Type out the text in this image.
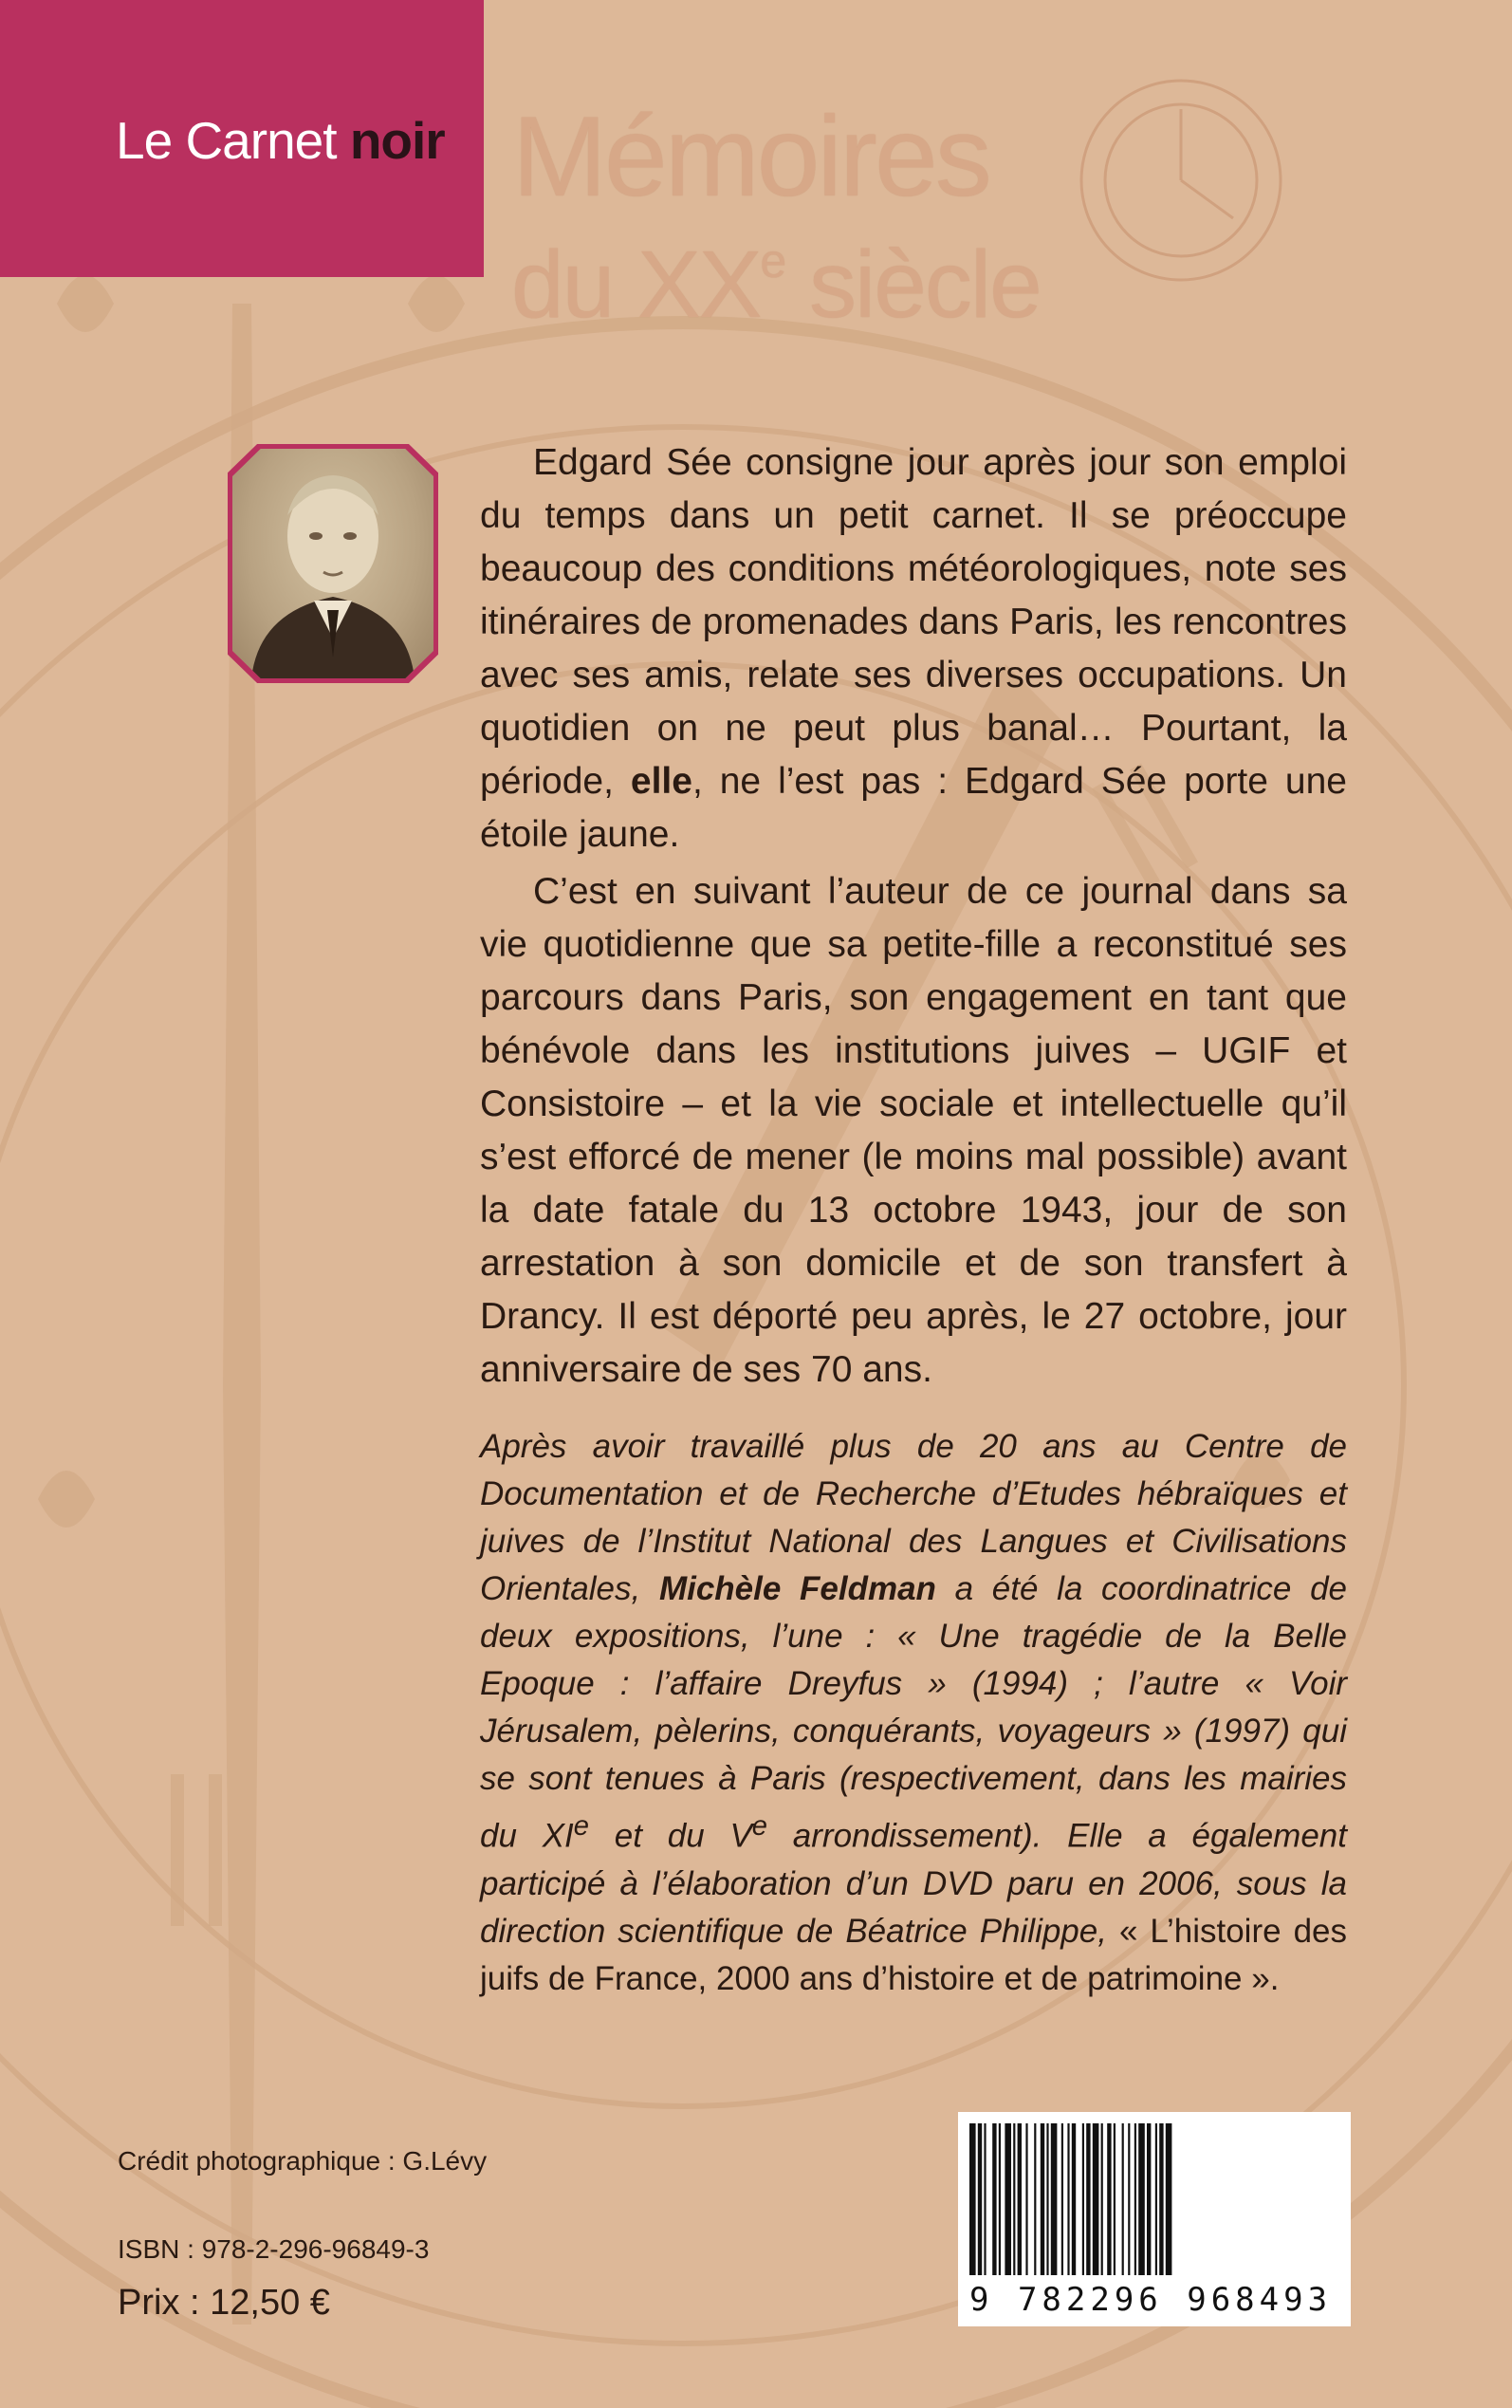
Le Carnet noir Mémoires
du XXe siècle
Edgard Sée consigne jour après jour son emploi du temps dans un petit carnet. Il se préoccupe beaucoup des conditions météorologiques, note ses itinéraires de promenades dans Paris, les rencontres avec ses amis, relate ses diverses occupations. Un quotidien on ne peut plus banal… Pourtant, la période, elle, ne l’est pas : Edgard Sée porte une étoile jaune.
C’est en suivant l’auteur de ce journal dans sa vie quotidienne que sa petite-fille a reconstitué ses parcours dans Paris, son engagement en tant que bénévole dans les institutions juives – UGIF et Consistoire – et la vie sociale et intellectuelle qu’il s’est efforcé de mener (le moins mal possible) avant la date fatale du 13 octobre 1943, jour de son arrestation à son domicile et de son transfert à Drancy. Il est déporté peu après, le 27 octobre, jour anniversaire de ses 70 ans.
Après avoir travaillé plus de 20 ans au Centre de Documentation et de Recherche d’Etudes hébraïques et juives de l’Institut National des Langues et Civilisations Orientales, Michèle Feldman a été la coordinatrice de deux expositions, l’une : « Une tragédie de la Belle Epoque : l’affaire Dreyfus » (1994) ; l’autre « Voir Jérusalem, pèlerins, conquérants, voyageurs » (1997) qui se sont tenues à Paris (respectivement, dans les mairies du XIe et du Ve arrondissement). Elle a également participé à l’élaboration d’un DVD paru en 2006, sous la direction scientifique de Béatrice Philippe, « L’histoire des juifs de France, 2000 ans d’histoire et de patrimoine ».
Crédit photographique : G.Lévy
ISBN : 978-2-296-96849-3
Prix : 12,50 €	9 782296 968493
